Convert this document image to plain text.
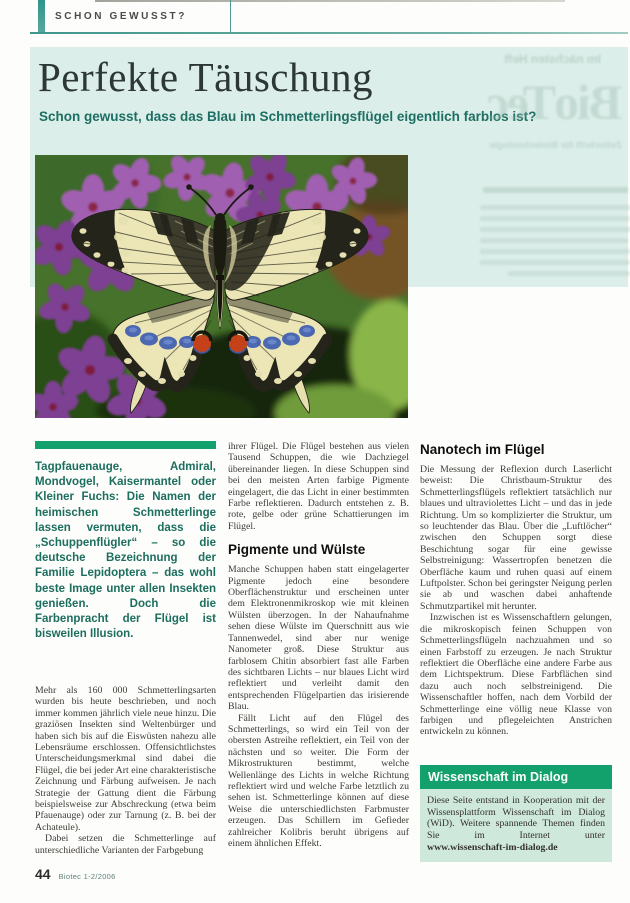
SCHON GEWUSST?
Perfekte Täuschung
Schon gewusst, dass das Blau im Schmetterlingsflügel eigentlich farblos ist?
Im nächsten Heft
BioTec
Zeitschrift für Biotechnologie

Tagpfauenauge, Admiral, Mondvogel, Kaisermantel oder Kleiner Fuchs: Die Namen der heimischen Schmetterlinge lassen vermuten, dass die „Schuppenflügler“ – so die deutsche Bezeichnung der Familie Lepidoptera – das wohl beste Image unter allen Insekten genießen. Doch die Farbenpracht der Flügel ist bisweilen Illusion.

Mehr als 160 000 Schmetterlingsarten wurden bis heute beschrieben, und noch immer kommen jährlich viele neue hinzu. Die graziösen Insekten sind Weltenbürger und haben sich bis auf die Eiswüsten nahezu alle Lebensräume erschlossen. Offensichtlichstes Unterscheidungsmerkmal sind dabei die Flügel, die bei jeder Art eine charakteristische Zeichnung und Färbung aufweisen. Je nach Strategie der Gattung dient die Färbung beispielsweise zur Abschreckung (etwa beim Pfauenauge) oder zur Tarnung (z. B. bei der Achateule).

Dabei setzen die Schmetterlinge auf unterschiedliche Varianten der Farbgebung

ihrer Flügel. Die Flügel bestehen aus vielen Tausend Schuppen, die wie Dachziegel übereinander liegen. In diese Schuppen sind bei den meisten Arten farbige Pigmente eingelagert, die das Licht in einer bestimmten Farbe reflektieren. Dadurch entstehen z. B. rote, gelbe oder grüne Schattierungen im Flügel.

Pigmente und Wülste

Manche Schuppen haben statt eingelagerter Pigmente jedoch eine besondere Oberflächenstruktur und erscheinen unter dem Elektronenmikroskop wie mit kleinen Wülsten überzogen. In der Nahaufnahme sehen diese Wülste im Querschnitt aus wie Tannenwedel, sind aber nur wenige Nanometer groß. Diese Struktur aus farblosem Chitin absorbiert fast alle Farben des sichtbaren Lichts – nur blaues Licht wird reflektiert und verleiht damit den entsprechenden Flügelpartien das irisierende Blau.

Fällt Licht auf den Flügel des Schmetterlings, so wird ein Teil von der obersten Astreihe reflektiert, ein Teil von der nächsten und so weiter. Die Form der Mikrostrukturen bestimmt, welche Wellenlänge des Lichts in welche Richtung reflektiert wird und welche Farbe letztlich zu sehen ist. Schmetterlinge können auf diese Weise die unterschiedlichsten Farbmuster erzeugen. Das Schillern im Gefieder zahlreicher Kolibris beruht übrigens auf einem ähnlichen Effekt.

Nanotech im Flügel

Die Messung der Reflexion durch Laserlicht beweist: Die Christbaum-Struktur des Schmetterlingsflügels reflektiert tatsächlich nur blaues und ultraviolettes Licht – und das in jede Richtung. Um so komplizierter die Struktur, um so leuchtender das Blau. Über die „Luftlöcher“ zwischen den Schuppen sorgt diese Beschichtung sogar für eine gewisse Selbstreinigung: Wassertropfen benetzen die Oberfläche kaum und ruhen quasi auf einem Luftpolster. Schon bei geringster Neigung perlen sie ab und waschen dabei anhaftende Schmutzpartikel mit herunter.

Inzwischen ist es Wissenschaftlern gelungen, die mikroskopisch feinen Schuppen von Schmetterlingsflügeln nachzuahmen und so einen Farbstoff zu erzeugen. Je nach Struktur reflektiert die Oberfläche eine andere Farbe aus dem Lichtspektrum. Diese Farbflächen sind dazu auch noch selbstreinigend. Die Wissenschaftler hoffen, nach dem Vorbild der Schmetterlinge eine völlig neue Klasse von farbigen und pflegeleichten Anstrichen entwickeln zu können.

Wissenschaft im Dialog
Diese Seite entstand in Kooperation mit der Wissensplattform Wissenschaft im Dialog (WiD). Weitere spannende Themen finden Sie im Internet unter www.wissenschaft-im-dialog.de
44 Biotec 1-2/2006
